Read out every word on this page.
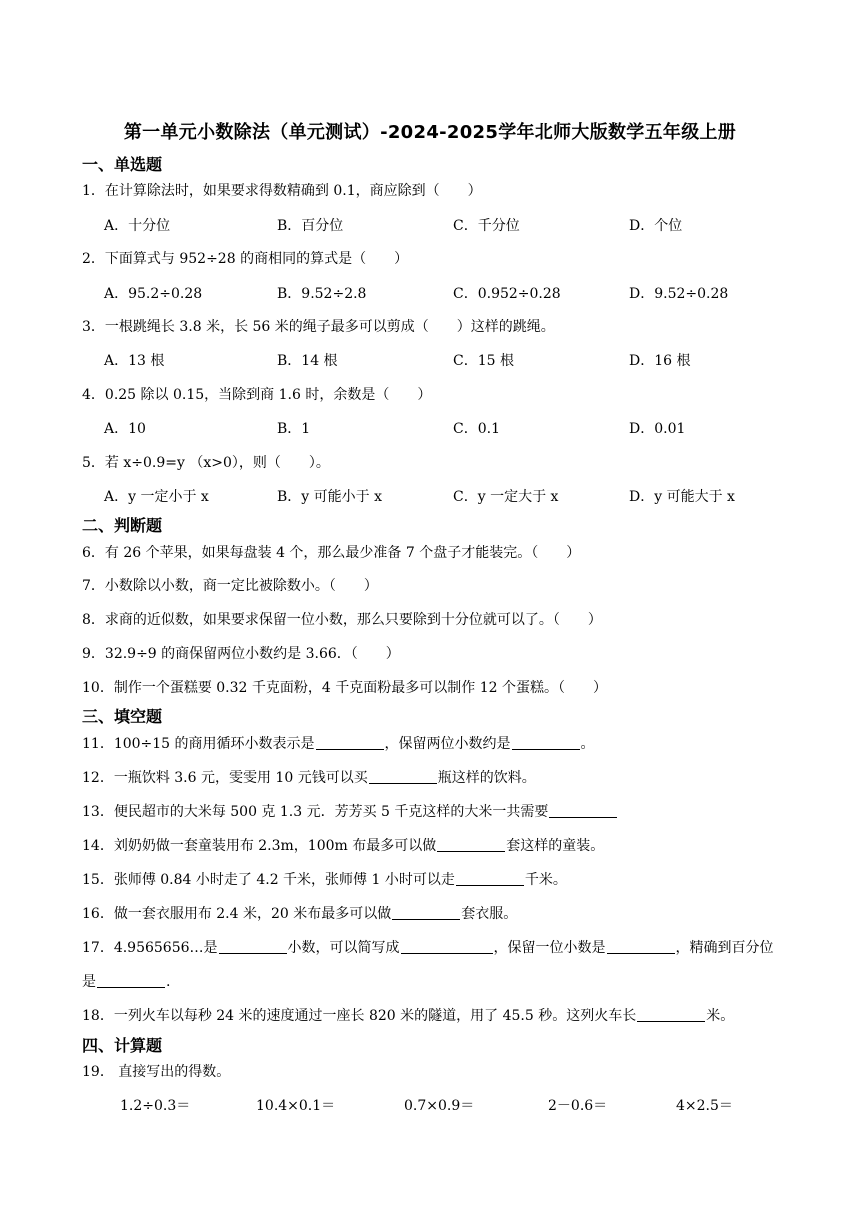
第一单元小数除法（单元测试）-2024-2025学年北师大版数学五年级上册
一、单选题
1．在计算除法时，如果要求得数精确到 0.1，商应除到（　　）
A．十分位	B．百分位	C．千分位	D．个位
2．下面算式与 952÷28 的商相同的算式是（　　）
A．95.2÷0.28	B．9.52÷2.8	C．0.952÷0.28	D．9.52÷0.28
3．一根跳绳长 3.8 米，长 56 米的绳子最多可以剪成（　　）这样的跳绳。
A．13 根	B．14 根	C．15 根	D．16 根
4．0.25 除以 0.15，当除到商 1.6 时，余数是（　　）
A．10	B．1	C．0.1	D．0.01
5．若 x÷0.9=y （x>0），则（　　）。
A．y 一定小于 x	B．y 可能小于 x	C．y 一定大于 x	D．y 可能大于 x
二、判断题
6．有 26 个苹果，如果每盘装 4 个，那么最少准备 7 个盘子才能装完。（　　）
7．小数除以小数，商一定比被除数小。（　　）
8．求商的近似数，如果要求保留一位小数，那么只要除到十分位就可以了。（　　）
9．32.9÷9 的商保留两位小数约是 3.66．（　　）
10．制作一个蛋糕要 0.32 千克面粉，4 千克面粉最多可以制作 12 个蛋糕。（　　）
三、填空题
11．100÷15 的商用循环小数表示是	，保留两位小数约是	。
12．一瓶饮料 3.6 元，雯雯用 10 元钱可以买	瓶这样的饮料。
13．便民超市的大米每 500 克 1.3 元．芳芳买 5 千克这样的大米一共需要
14．刘奶奶做一套童装用布 2.3m，100m 布最多可以做	套这样的童装。
15．张师傅 0.84 小时走了 4.2 千米，张师傅 1 小时可以走	千米。
16．做一套衣服用布 2.4 米，20 米布最多可以做	套衣服。
17．4.9565656…是	小数，可以简写成	，保留一位小数是	，精确到百分位
是	.
18．一列火车以每秒 24 米的速度通过一座长 820 米的隧道，用了 45.5 秒。这列火车长	米。
四、计算题
19． 直接写出的得数。
1.2÷0.3＝	10.4×0.1＝	0.7×0.9＝	2－0.6＝	4×2.5＝
